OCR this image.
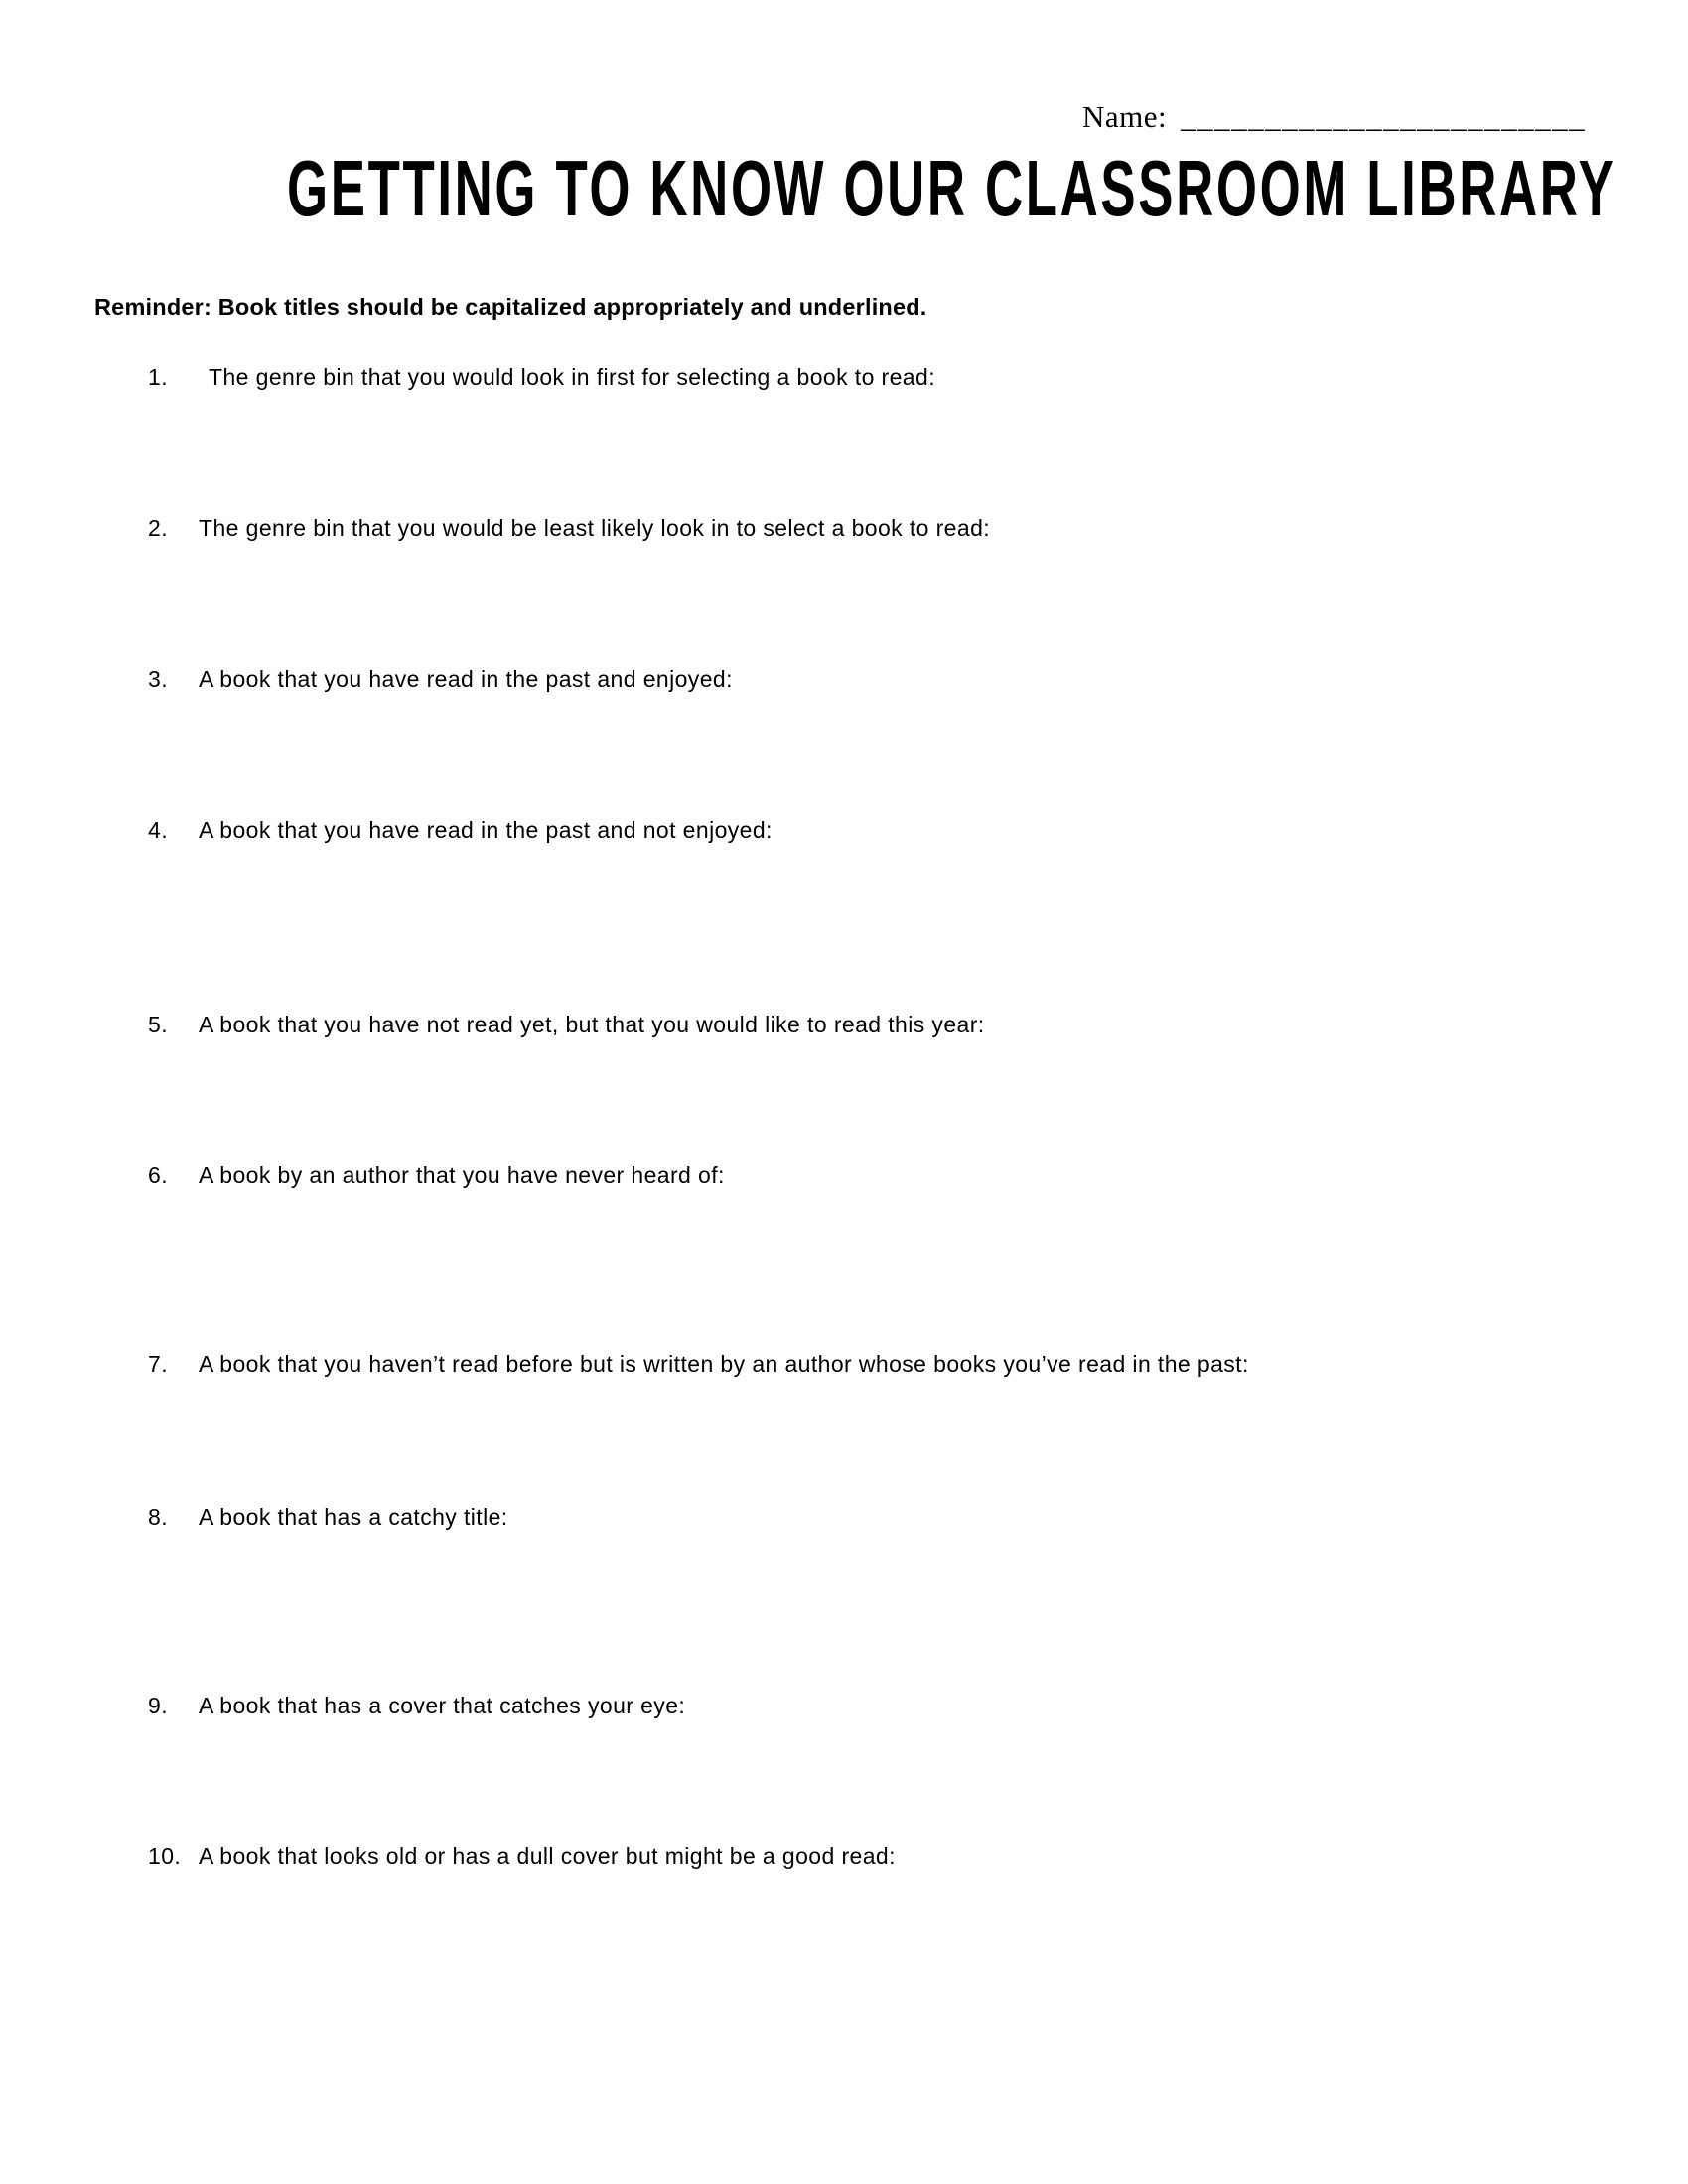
Name: ________________________
GETTING TO KNOW OUR CLASSROOM LIBRARY
Reminder: Book titles should be capitalized appropriately and underlined.
1. The genre bin that you would look in first for selecting a book to read:
2. The genre bin that you would be least likely look in to select a book to read:
3. A book that you have read in the past and enjoyed:
4. A book that you have read in the past and not enjoyed:
5. A book that you have not read yet, but that you would like to read this year:
6. A book by an author that you have never heard of:
7. A book that you haven’t read before but is written by an author whose books you’ve read in the past:
8. A book that has a catchy title:
9. A book that has a cover that catches your eye:
10. A book that looks old or has a dull cover but might be a good read:
